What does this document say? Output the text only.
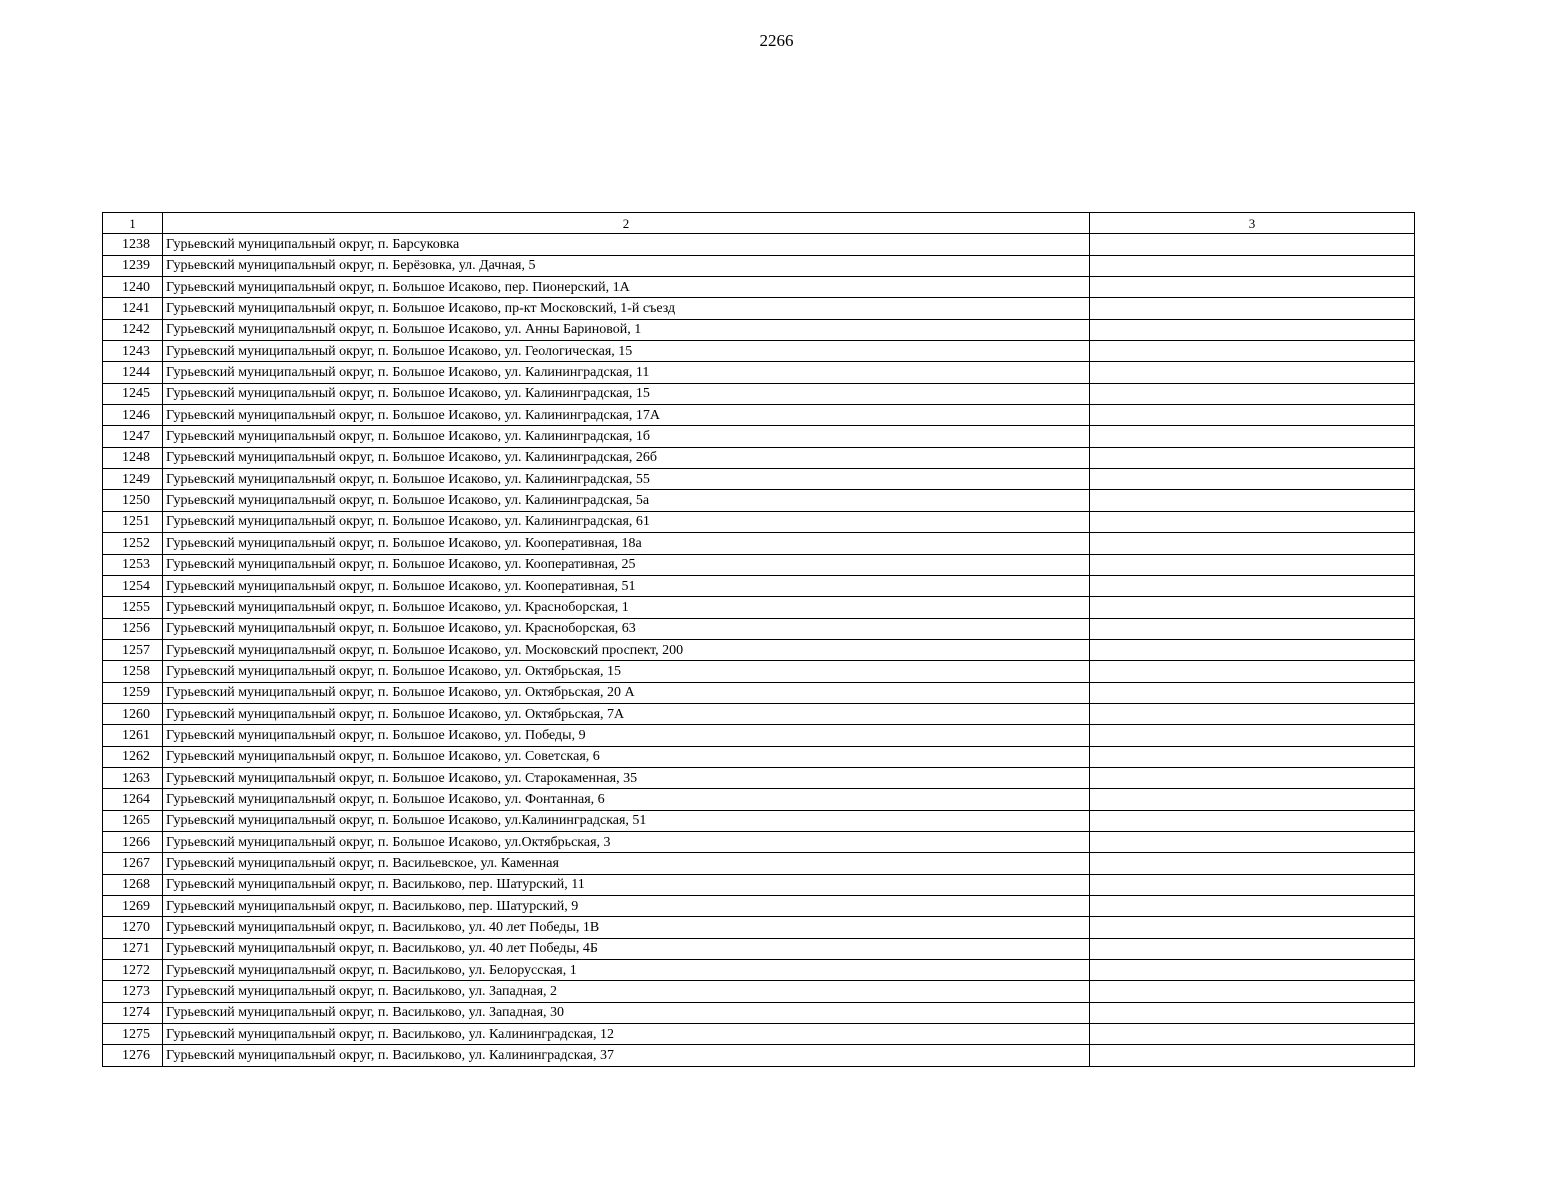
2266
1	2	3
1238	Гурьевский муниципальный округ, п. Барсуковка	
1239	Гурьевский муниципальный округ, п. Берёзовка, ул. Дачная, 5	
1240	Гурьевский муниципальный округ, п. Большое Исаково, пер. Пионерский, 1А	
1241	Гурьевский муниципальный округ, п. Большое Исаково, пр-кт Московский, 1-й съезд	
1242	Гурьевский муниципальный округ, п. Большое Исаково, ул. Анны Бариновой, 1	
1243	Гурьевский муниципальный округ, п. Большое Исаково, ул. Геологическая, 15	
1244	Гурьевский муниципальный округ, п. Большое Исаково, ул. Калининградская, 11	
1245	Гурьевский муниципальный округ, п. Большое Исаково, ул. Калининградская, 15	
1246	Гурьевский муниципальный округ, п. Большое Исаково, ул. Калининградская, 17А	
1247	Гурьевский муниципальный округ, п. Большое Исаково, ул. Калининградская, 1б	
1248	Гурьевский муниципальный округ, п. Большое Исаково, ул. Калининградская, 26б	
1249	Гурьевский муниципальный округ, п. Большое Исаково, ул. Калининградская, 55	
1250	Гурьевский муниципальный округ, п. Большое Исаково, ул. Калининградская, 5а	
1251	Гурьевский муниципальный округ, п. Большое Исаково, ул. Калининградская, 61	
1252	Гурьевский муниципальный округ, п. Большое Исаково, ул. Кооперативная, 18а	
1253	Гурьевский муниципальный округ, п. Большое Исаково, ул. Кооперативная, 25	
1254	Гурьевский муниципальный округ, п. Большое Исаково, ул. Кооперативная, 51	
1255	Гурьевский муниципальный округ, п. Большое Исаково, ул. Красноборская, 1	
1256	Гурьевский муниципальный округ, п. Большое Исаково, ул. Красноборская, 63	
1257	Гурьевский муниципальный округ, п. Большое Исаково, ул. Московский проспект, 200	
1258	Гурьевский муниципальный округ, п. Большое Исаково, ул. Октябрьская, 15	
1259	Гурьевский муниципальный округ, п. Большое Исаково, ул. Октябрьская, 20 А	
1260	Гурьевский муниципальный округ, п. Большое Исаково, ул. Октябрьская, 7А	
1261	Гурьевский муниципальный округ, п. Большое Исаково, ул. Победы, 9	
1262	Гурьевский муниципальный округ, п. Большое Исаково, ул. Советская, 6	
1263	Гурьевский муниципальный округ, п. Большое Исаково, ул. Старокаменная, 35	
1264	Гурьевский муниципальный округ, п. Большое Исаково, ул. Фонтанная, 6	
1265	Гурьевский муниципальный округ, п. Большое Исаково, ул.Калининградская, 51	
1266	Гурьевский муниципальный округ, п. Большое Исаково, ул.Октябрьская, 3	
1267	Гурьевский муниципальный округ, п. Васильевское, ул. Каменная	
1268	Гурьевский муниципальный округ, п. Васильково, пер. Шатурский, 11	
1269	Гурьевский муниципальный округ, п. Васильково, пер. Шатурский, 9	
1270	Гурьевский муниципальный округ, п. Васильково, ул. 40 лет Победы, 1В	
1271	Гурьевский муниципальный округ, п. Васильково, ул. 40 лет Победы, 4Б	
1272	Гурьевский муниципальный округ, п. Васильково, ул. Белорусская, 1	
1273	Гурьевский муниципальный округ, п. Васильково, ул. Западная, 2	
1274	Гурьевский муниципальный округ, п. Васильково, ул. Западная, 30	
1275	Гурьевский муниципальный округ, п. Васильково, ул. Калининградская, 12	
1276	Гурьевский муниципальный округ, п. Васильково, ул. Калининградская, 37	
